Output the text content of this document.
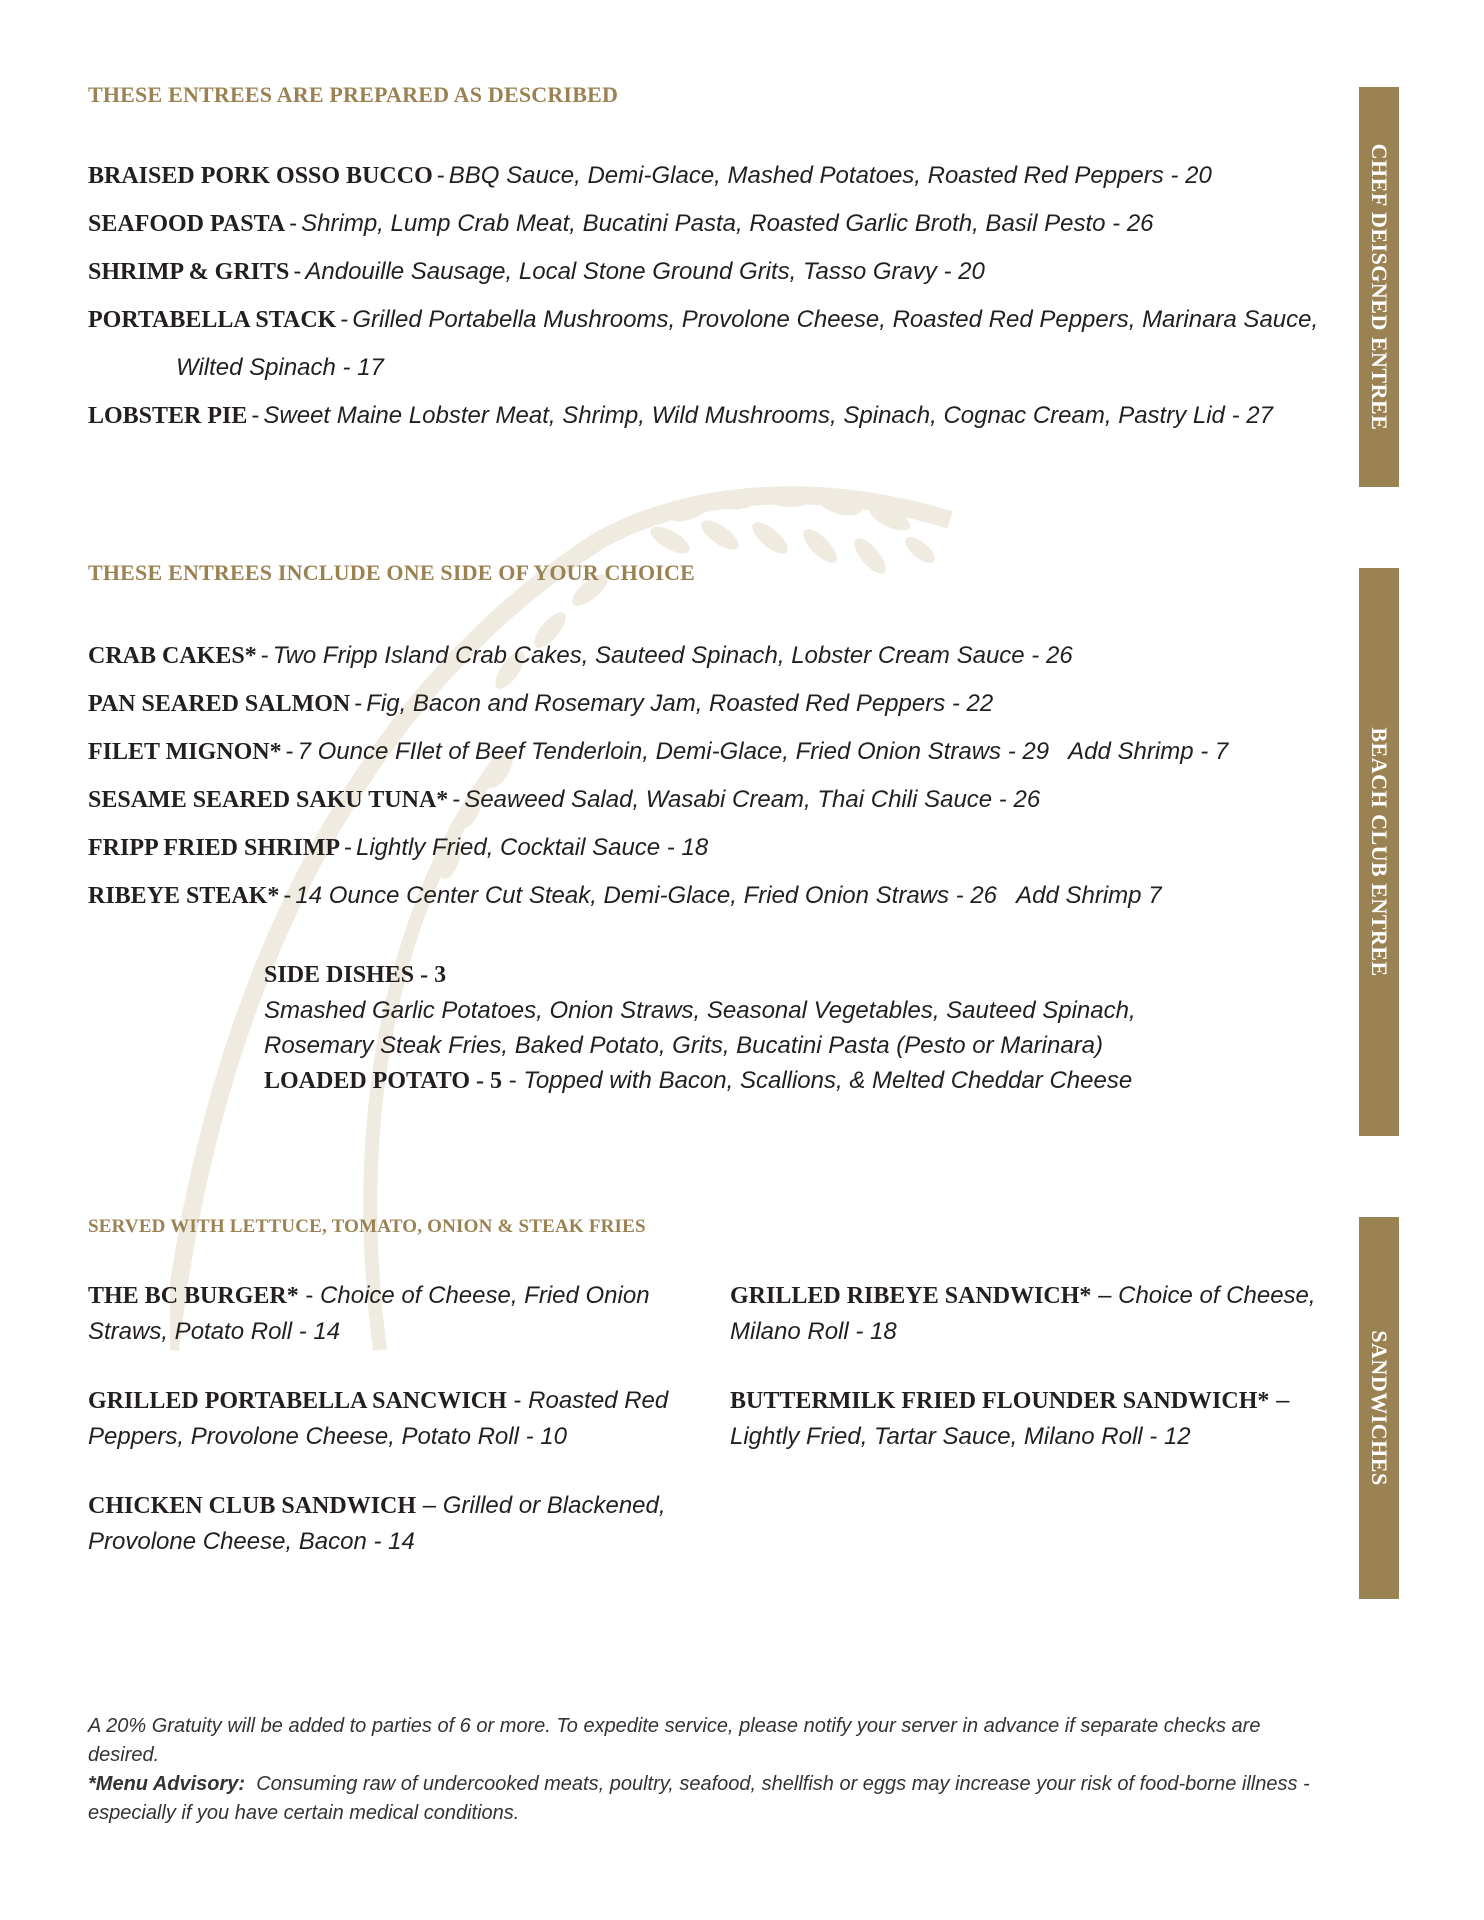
THESE ENTREES ARE PREPARED AS DESCRIBED
BRAISED PORK OSSO BUCCO - BBQ Sauce, Demi-Glace, Mashed Potatoes, Roasted Red Peppers - 20
SEAFOOD PASTA - Shrimp, Lump Crab Meat, Bucatini Pasta, Roasted Garlic Broth, Basil Pesto - 26
SHRIMP & GRITS - Andouille Sausage, Local Stone Ground Grits, Tasso Gravy - 20
PORTABELLA STACK - Grilled Portabella Mushrooms, Provolone Cheese, Roasted Red Peppers, Marinara Sauce,
Wilted Spinach - 17
LOBSTER PIE - Sweet Maine Lobster Meat, Shrimp, Wild Mushrooms, Spinach, Cognac Cream, Pastry Lid - 27
THESE ENTREES INCLUDE ONE SIDE OF YOUR CHOICE
CRAB CAKES* - Two Fripp Island Crab Cakes, Sauteed Spinach, Lobster Cream Sauce - 26
PAN SEARED SALMON - Fig, Bacon and Rosemary Jam, Roasted Red Peppers - 22
FILET MIGNON* - 7 Ounce FIlet of Beef Tenderloin, Demi-Glace, Fried Onion Straws - 29   Add Shrimp - 7
SESAME SEARED SAKU TUNA* - Seaweed Salad, Wasabi Cream, Thai Chili Sauce - 26
FRIPP FRIED SHRIMP - Lightly Fried, Cocktail Sauce - 18
RIBEYE STEAK* - 14 Ounce Center Cut Steak, Demi-Glace, Fried Onion Straws - 26   Add Shrimp 7
SIDE DISHES - 3
Smashed Garlic Potatoes, Onion Straws, Seasonal Vegetables, Sauteed Spinach,
Rosemary Steak Fries, Baked Potato, Grits, Bucatini Pasta (Pesto or Marinara)
LOADED POTATO - 5 - Topped with Bacon, Scallions, & Melted Cheddar Cheese
SERVED WITH LETTUCE, TOMATO, ONION & STEAK FRIES
THE BC BURGER* - Choice of Cheese, Fried Onion Straws, Potato Roll - 14
GRILLED RIBEYE SANDWICH* – Choice of Cheese, Milano Roll - 18
GRILLED PORTABELLA SANCWICH - Roasted Red Peppers, Provolone Cheese, Potato Roll - 10
BUTTERMILK FRIED FLOUNDER SANDWICH* – Lightly Fried, Tartar Sauce, Milano Roll - 12
CHICKEN CLUB SANDWICH – Grilled or Blackened, Provolone Cheese, Bacon - 14
CHEF DEISGNED ENTREE
BEACH CLUB ENTREE
SANDWICHES
A 20% Gratuity will be added to parties of 6 or more. To expedite service, please notify your server in advance if separate checks are desired.
*Menu Advisory: Consuming raw of undercooked meats, poultry, seafood, shellfish or eggs may increase your risk of food-borne illness - especially if you have certain medical conditions.
